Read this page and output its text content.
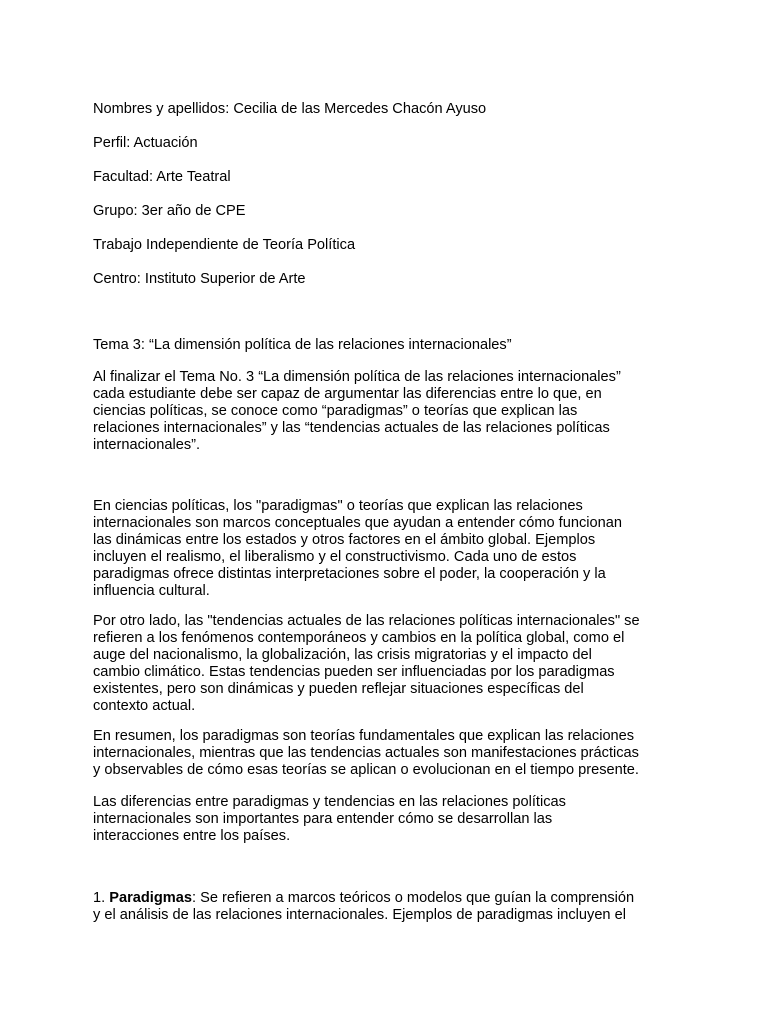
Nombres y apellidos: Cecilia de las Mercedes Chacón Ayuso

Perfil: Actuación

Facultad: Arte Teatral

Grupo: 3er año de CPE

Trabajo Independiente de Teoría Política

Centro: Instituto Superior de Arte

Tema 3: “La dimensión política de las relaciones internacionales”

Al finalizar el Tema No. 3 “La dimensión política de las relaciones internacionales”
cada estudiante debe ser capaz de argumentar las diferencias entre lo que, en
ciencias políticas, se conoce como “paradigmas” o teorías que explican las
relaciones internacionales” y las “tendencias actuales de las relaciones políticas
internacionales”.
En ciencias políticas, los "paradigmas" o teorías que explican las relaciones
internacionales son marcos conceptuales que ayudan a entender cómo funcionan
las dinámicas entre los estados y otros factores en el ámbito global. Ejemplos
incluyen el realismo, el liberalismo y el constructivismo. Cada uno de estos
paradigmas ofrece distintas interpretaciones sobre el poder, la cooperación y la
influencia cultural.
Por otro lado, las "tendencias actuales de las relaciones políticas internacionales" se
refieren a los fenómenos contemporáneos y cambios en la política global, como el
auge del nacionalismo, la globalización, las crisis migratorias y el impacto del
cambio climático. Estas tendencias pueden ser influenciadas por los paradigmas
existentes, pero son dinámicas y pueden reflejar situaciones específicas del
contexto actual.
En resumen, los paradigmas son teorías fundamentales que explican las relaciones
internacionales, mientras que las tendencias actuales son manifestaciones prácticas
y observables de cómo esas teorías se aplican o evolucionan en el tiempo presente.
Las diferencias entre paradigmas y tendencias en las relaciones políticas
internacionales son importantes para entender cómo se desarrollan las
interacciones entre los países.
1. Paradigmas: Se refieren a marcos teóricos o modelos que guían la comprensión
y el análisis de las relaciones internacionales. Ejemplos de paradigmas incluyen el
